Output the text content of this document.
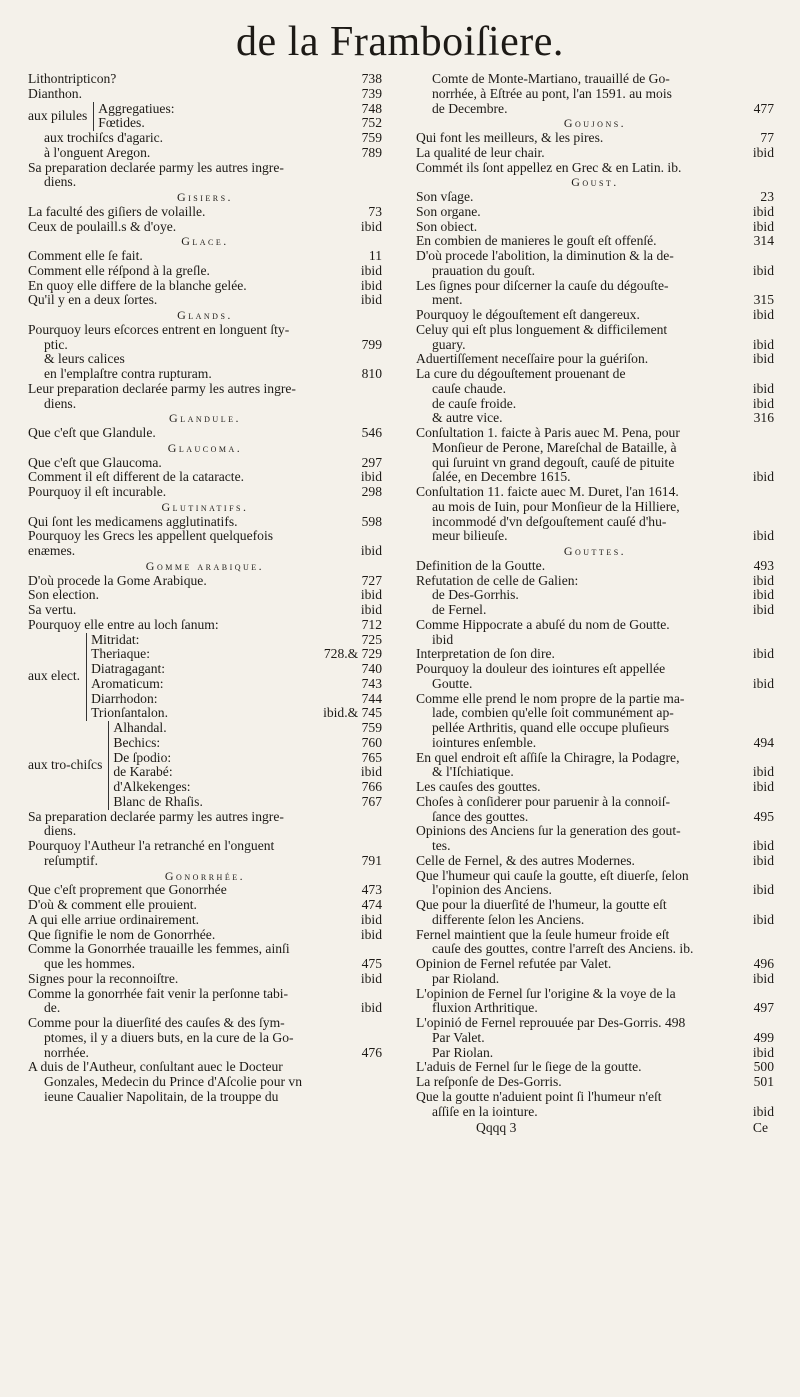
de la Framboiſiere.
Lithontripticon?	738
Dianthon.	739
aux pilules Aggregatiues:	748
Fœtides.	752
aux trochiſcs d'agaric.	759
à l'onguent Aregon.	789
Sa preparation declarée parmy les autres ingre-
diens.
Gisiers.
La faculté des giſiers de volaille.	73
Ceux de poulaill.s & d'oye.	ibid
Glace.
Comment elle ſe fait.	11
Comment elle réſpond à la greſle.	ibid
En quoy elle differe de la blanche gelée.	ibid
Qu'il y en a deux ſortes.	ibid
Glands.
Pourquoy leurs eſcorces entrent en longuent ſty-
ptic.	799
& leurs calices
en l'emplaſtre contra rupturam.	810
Leur preparation declarée parmy les autres ingre-
diens.
Glandule.
Que c'eſt que Glandule.	546
Glaucoma.
Que c'eſt que Glaucoma.	297
Comment il eſt different de la cataracte.	ibid
Pourquoy il eſt incurable.	298
Glutinatifs.
Qui ſont les medicamens agglutinatifs.	598
Pourquoy les Grecs les appellent quelquefois
enæmes.	ibid
Gomme arabique.
D'où procede la Gome Arabique.	727
Son election.	ibid
Sa vertu.	ibid
Pourquoy elle entre au loch ſanum:	712
aux elect.
Mitridat:	725
Theriaque:	728.& 729
Diatragagant:	740
Aromaticum:	743
Diarrhodon:	744
Trionſantalon.	ibid.& 745
aux tro-chiſcs
Alhandal.	759
Bechics:	760
De ſpodio:	765
de Karabé:	ibid
d'Alkekenges:	766
Blanc de Rhaſis.	767
Sa preparation declarée parmy les autres ingre-
diens.
Pourquoy l'Autheur l'a retranché en l'onguent
reſumptif.	791
Gonorrhée.
Que c'eſt proprement que Gonorrhée	473
D'où & comment elle prouient.	474
A qui elle arriue ordinairement.	ibid
Que ſignifie le nom de Gonorrhée.	ibid
Comme la Gonorrhée trauaille les femmes, ainſi
que les hommes.	475
Signes pour la reconnoiſtre.	ibid
Comme la gonorrhée fait venir la perſonne tabi-
de.	ibid
Comme pour la diuerſité des cauſes & des ſym-
ptomes, il y a diuers buts, en la cure de la Go-
norrhée.	476
A duis de l'Autheur, conſultant auec le Docteur
Gonzales, Medecin du Prince d'Aſcolie pour vn
ieune Caualier Napolitain, de la trouppe du
Comte de Monte-Martiano, trauaillé de Go-
norrhée, à Eſtrée au pont, l'an 1591. au mois
de Decembre.	477
Goujons.
Qui font les meilleurs, & les pires.	77
La qualité de leur chair.	ibid
Commét ils ſont appellez en Grec & en Latin. ib.
Goust.
Son vſage.	23
Son organe.	ibid
Son obiect.	ibid
En combien de manieres le gouſt eſt offenſé.	314
D'où procede l'abolition, la diminution & la de-
prauation du gouſt.	ibid
Les ſignes pour diſcerner la cauſe du dégouſte-
ment.	315
Pourquoy le dégouſtement eſt dangereux.	ibid
Celuy qui eſt plus longuement & difficilement
guary.	ibid
Aduertiſſement neceſſaire pour la guériſon.	ibid
La cure du dégouſtement prouenant de
cauſe chaude.	ibid
de cauſe froide.	ibid
& autre vice.	316
Conſultation 1. faicte à Paris auec M. Pena, pour
Monſieur de Perone, Mareſchal de Bataille, à
qui ſuruint vn grand degouſt, cauſé de pituite
ſalée, en Decembre 1615.	ibid
Conſultation 11. faicte auec M. Duret, l'an 1614.
au mois de Iuin, pour Monſieur de la Hilliere,
incommodé d'vn deſgouſtement cauſé d'hu-
meur bilieuſe.	ibid
Gouttes.
Definition de la Goutte.	493
Refutation de celle de Galien:	ibid
de Des-Gorrhis.	ibid
de Fernel.	ibid
Comme Hippocrate a abuſé du nom de Goutte.
ibid
Interpretation de ſon dire.	ibid
Pourquoy la douleur des iointures eſt appellée
Goutte.	ibid
Comme elle prend le nom propre de la partie ma-
lade, combien qu'elle ſoit communément ap-
pellée Arthritis, quand elle occupe pluſieurs
iointures enſemble.	494
En quel endroit eſt aſſiſe la Chiragre, la Podagre,
& l'Iſchiatique.	ibid
Les cauſes des gouttes.	ibid
Choſes à conſiderer pour paruenir à la connoiſ-
ſance des gouttes.	495
Opinions des Anciens ſur la generation des gout-
tes.	ibid
Celle de Fernel, & des autres Modernes.	ibid
Que l'humeur qui cauſe la goutte, eſt diuerſe, ſelon
l'opinion des Anciens.	ibid
Que pour la diuerſité de l'humeur, la goutte eſt
differente ſelon les Anciens.	ibid
Fernel maintient que la ſeule humeur froide eſt
cauſe des gouttes, contre l'arreſt des Anciens. ib.
Opinion de Fernel refutée par Valet.	496
par Rioland.	ibid
L'opinion de Fernel ſur l'origine & la voye de la
fluxion Arthritique.	497
L'opinió de Fernel reprouuée par Des-Gorris. 498
Par Valet.	499
Par Riolan.	ibid
L'aduis de Fernel ſur le ſiege de la goutte.	500
La reſponſe de Des-Gorris.	501
Que la goutte n'aduient point ſi l'humeur n'eſt
aſſiſe en la iointure.	ibid
Qqqq 3	Ce
